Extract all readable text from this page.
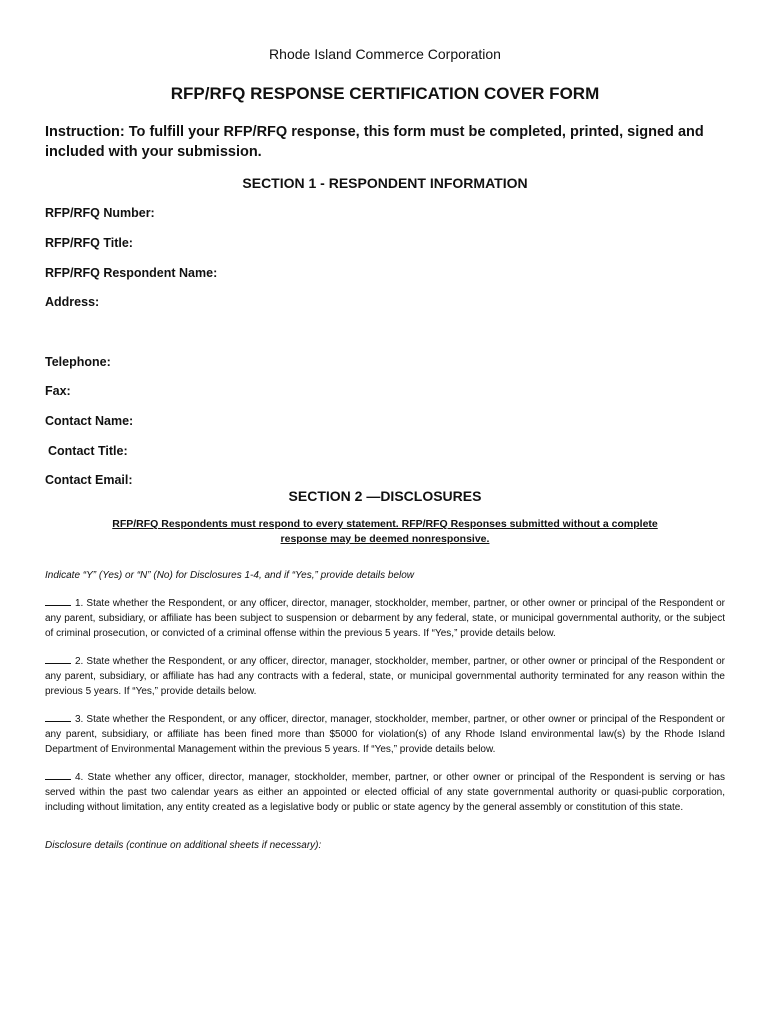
Rhode Island Commerce Corporation
RFP/RFQ RESPONSE CERTIFICATION COVER FORM
Instruction: To fulfill your RFP/RFQ response, this form must be completed, printed, signed and included with your submission.
SECTION 1 - RESPONDENT INFORMATION
RFP/RFQ Number:
RFP/RFQ Title:
RFP/RFQ Respondent Name:
Address:
Telephone:
Fax:
Contact Name:
Contact Title:
Contact Email:
SECTION 2 —DISCLOSURES
RFP/RFQ Respondents must respond to every statement. RFP/RFQ Responses submitted without a complete response may be deemed nonresponsive.
Indicate “Y” (Yes) or “N” (No) for Disclosures 1-4, and if “Yes,” provide details below
1. State whether the Respondent, or any officer, director, manager, stockholder, member, partner, or other owner or principal of the Respondent or any parent, subsidiary, or affiliate has been subject to suspension or debarment by any federal, state, or municipal governmental authority, or the subject of criminal prosecution, or convicted of a criminal offense within the previous 5 years. If “Yes,” provide details below.
2. State whether the Respondent, or any officer, director, manager, stockholder, member, partner, or other owner or principal of the Respondent or any parent, subsidiary, or affiliate has had any contracts with a federal, state, or municipal governmental authority terminated for any reason within the previous 5 years. If “Yes,” provide details below.
3. State whether the Respondent, or any officer, director, manager, stockholder, member, partner, or other owner or principal of the Respondent or any parent, subsidiary, or affiliate has been fined more than $5000 for violation(s) of any Rhode Island environmental law(s) by the Rhode Island Department of Environmental Management within the previous 5 years. If “Yes,” provide details below.
4. State whether any officer, director, manager, stockholder, member, partner, or other owner or principal of the Respondent is serving or has served within the past two calendar years as either an appointed or elected official of any state governmental authority or quasi-public corporation, including without limitation, any entity created as a legislative body or public or state agency by the general assembly or constitution of this state.
Disclosure details (continue on additional sheets if necessary):
